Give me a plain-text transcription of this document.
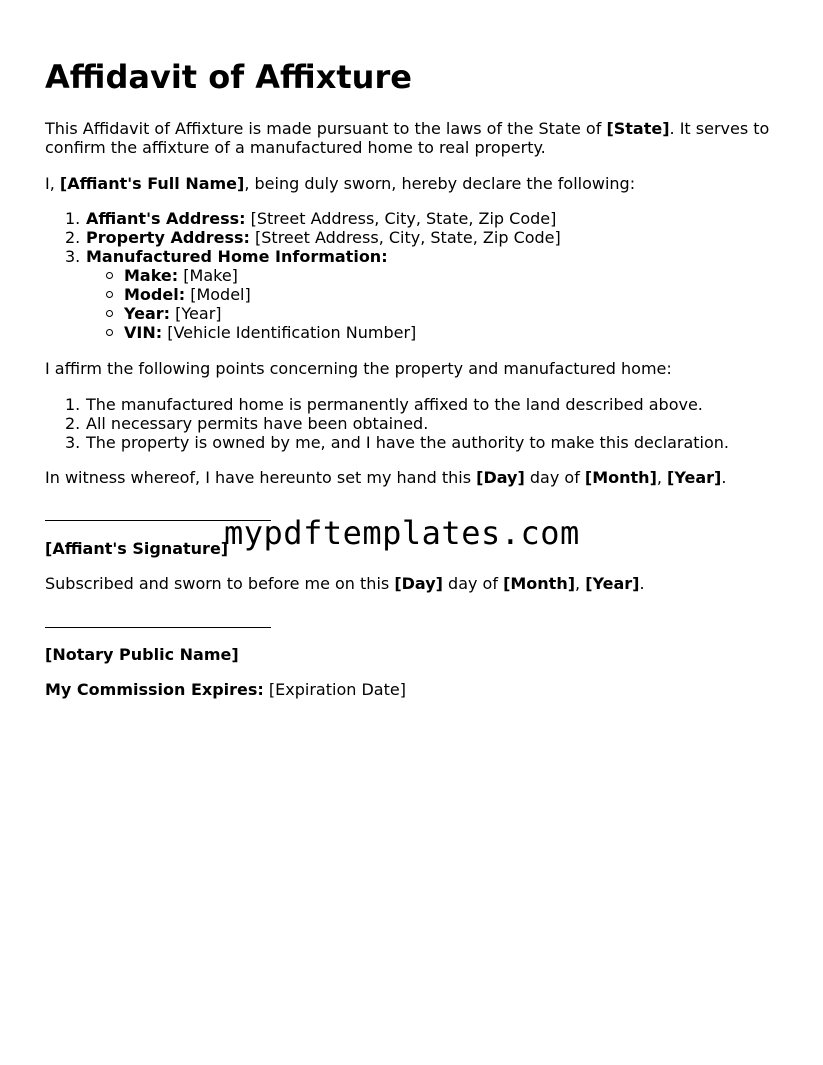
Affidavit of Affixture

This Affidavit of Affixture is made pursuant to the laws of the State of [State]. It serves to

confirm the affixture of a manufactured home to real property.

I, [Affiant's Full Name], being duly sworn, hereby declare the following:

1. Affiant's Address: [Street Address, City, State, Zip Code]
2. Property Address: [Street Address, City, State, Zip Code]
3. Manufactured Home Information:
Make: [Make]
Model: [Model]
Year: [Year]
VIN: [Vehicle Identification Number]

I affirm the following points concerning the property and manufactured home:

1. The manufactured home is permanently affixed to the land described above.
2. All necessary permits have been obtained.
3. The property is owned by me, and I have the authority to make this declaration.

In witness whereof, I have hereunto set my hand this [Day] day of [Month], [Year].

[Affiant's Signature]

Subscribed and sworn to before me on this [Day] day of [Month], [Year].

[Notary Public Name]

My Commission Expires: [Expiration Date]

mypdftemplates.com
